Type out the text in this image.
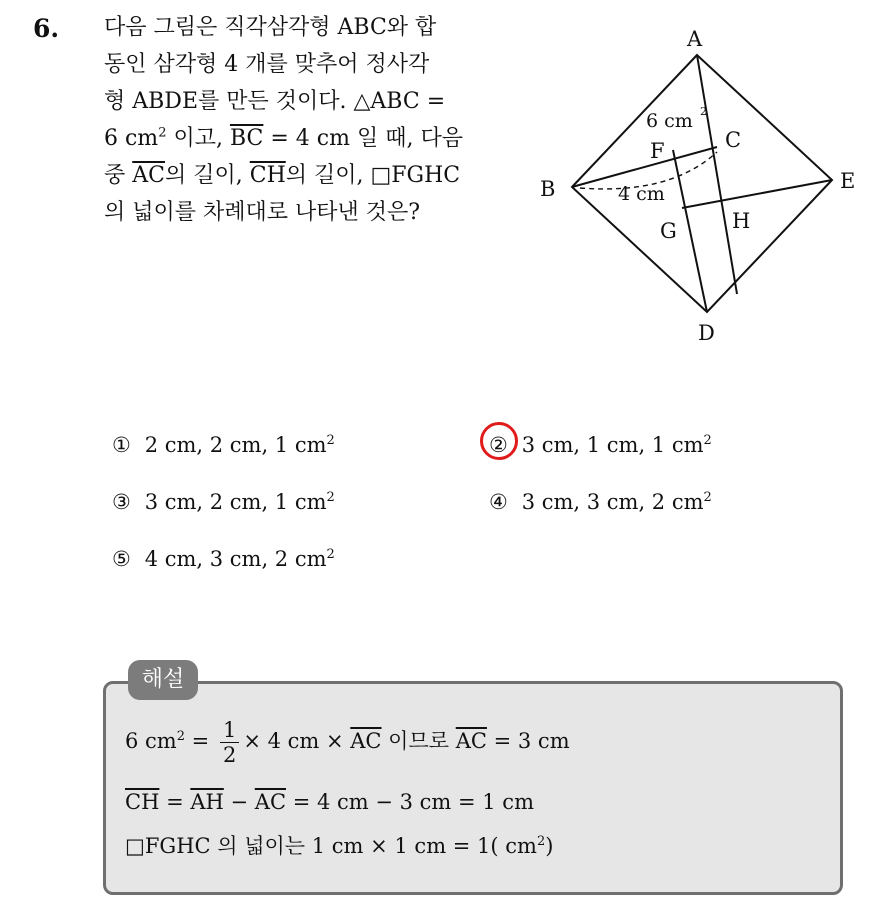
6. 다음 그림은 직각삼각형 ABC와 합
동인 삼각형 4 개를 맞추어 정사각
형 ABDE를 만든 것이다. △ABC =
6 $cm^2$ 이고, $\overline{BC} = 4$ cm 일 때, 다음
중 $\overline{AC}$의 길이, $\overline{CH}$의 길이, □FGHC
의 넓이를 차례대로 나타낸 것은?
A
B
C
D
E
F
G	H
6 cm 2
4 cm
① 2 cm, 2 cm, 1 $cm^2$	② 3 cm, 1 cm, 1 $cm^2$
③ 3 cm, 2 cm, 1 $cm^2$	④ 3 cm, 3 cm, 2 $cm^2$
⑤ 4 cm, 3 cm, 2 $cm^2$
해설
6 $cm^2 = \frac{1}{2} \times 4$ cm × $\overline{AC}$ 이므로 $\overline{AC} = 3$ cm
$\overline{CH} = \overline{AH} - \overline{AC} = 4$ cm − 3 cm = 1 cm
□FGHC 의 넓이는 1 cm × 1 cm = 1( $cm^2$)
